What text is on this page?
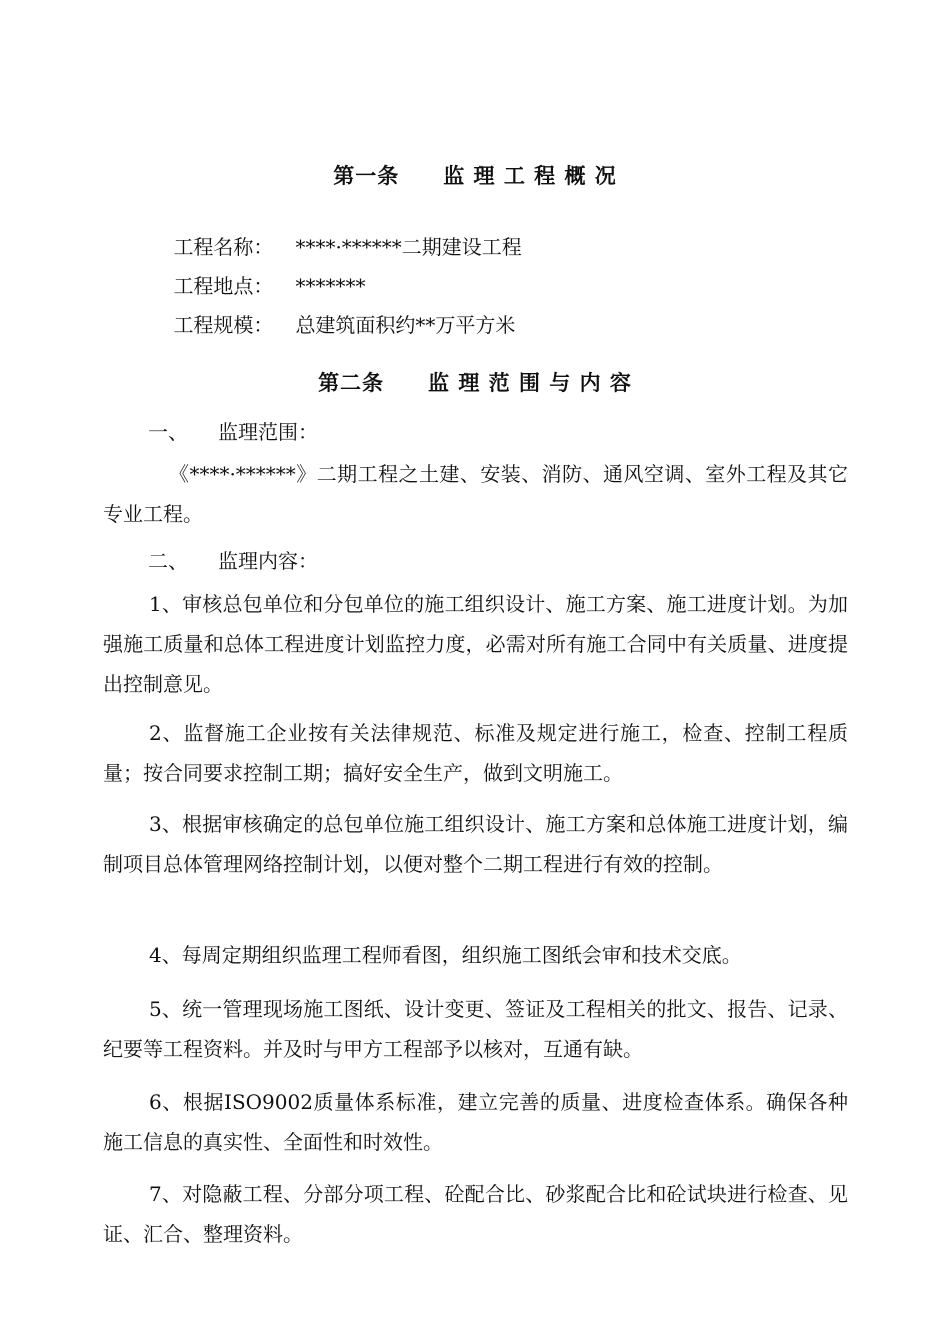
第一条　　监 理 工 程 概 况

工程名称： ****·******二期建设工程

工程地点： *******

工程规模： 总建筑面积约**万平方米

第二条　　监 理 范 围 与 内 容
一、　　监理范围：

《****·******》二期工程之土建、安装、消防、通风空调、室外工程及其它专业工程。

二、　　监理内容：

1、审核总包单位和分包单位的施工组织设计、施工方案、施工进度计划。为加强施工质量和总体工程进度计划监控力度，必需对所有施工合同中有关质量、进度提出控制意见。

2、监督施工企业按有关法律规范、标准及规定进行施工，检查、控制工程质量；按合同要求控制工期；搞好安全生产，做到文明施工。

3、根据审核确定的总包单位施工组织设计、施工方案和总体施工进度计划，编制项目总体管理网络控制计划，以便对整个二期工程进行有效的控制。

4、每周定期组织监理工程师看图，组织施工图纸会审和技术交底。

5、统一管理现场施工图纸、设计变更、签证及工程相关的批文、报告、记录、纪要等工程资料。并及时与甲方工程部予以核对，互通有缺。

6、根据ISO9002质量体系标准，建立完善的质量、进度检查体系。确保各种施工信息的真实性、全面性和时效性。

7、对隐蔽工程、分部分项工程、砼配合比、砂浆配合比和砼试块进行检查、见证、汇合、整理资料。
